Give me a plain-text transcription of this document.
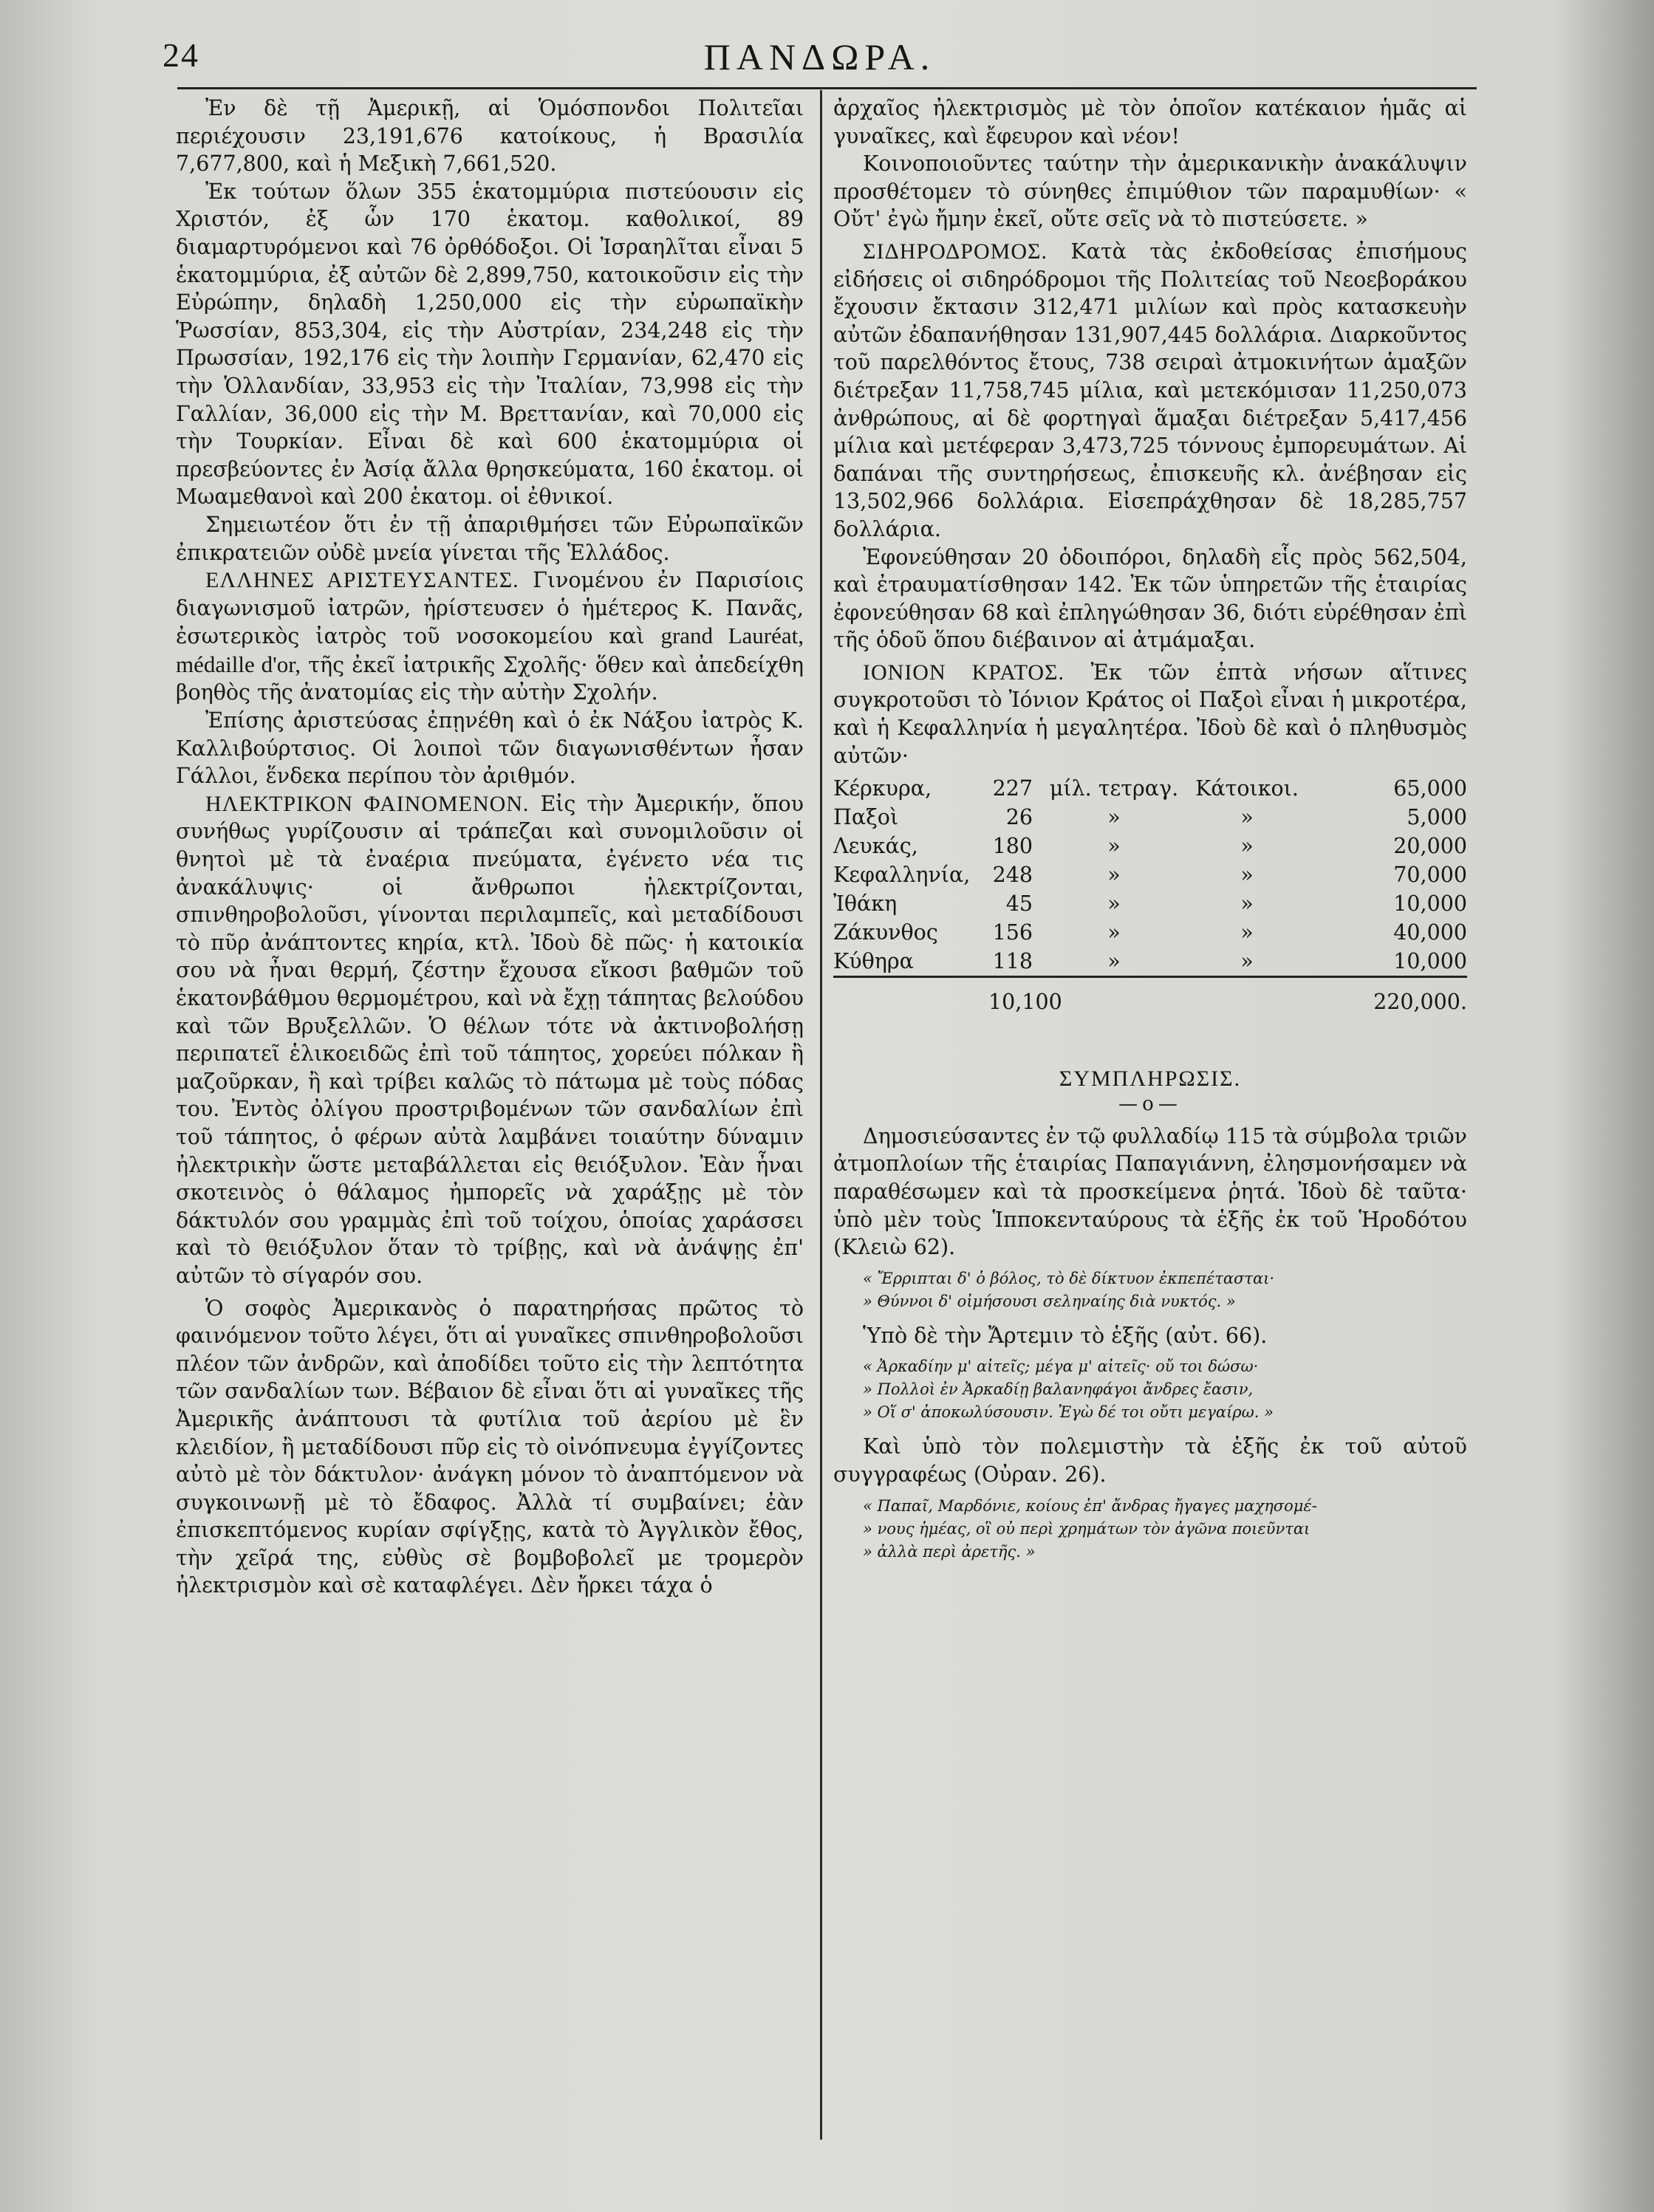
24	ΠΑΝΔΩΡΑ.

Ἐν δὲ τῇ Ἀμερικῇ, αἱ Ὁμόσπονδοι Πολιτεῖαι περιέχουσιν 23,191,676 κατοίκους, ἡ Βρασιλία 7,677,800, καὶ ἡ Μεξικὴ 7,661,520.

Ἐκ τούτων ὅλων 355 ἑκατομμύρια πιστεύουσιν εἰς Χριστόν, ἐξ ὧν 170 ἑκατομ. καθολικοί, 89 διαμαρτυρόμενοι καὶ 76 ὀρθόδοξοι. Οἱ Ἰσραηλῖται εἶναι 5 ἑκατομμύρια, ἐξ αὐτῶν δὲ 2,899,750, κατοικοῦσιν εἰς τὴν Εὐρώπην, δηλαδὴ 1,250,000 εἰς τὴν εὐρωπαϊκὴν Ῥωσσίαν, 853,304, εἰς τὴν Αὐστρίαν, 234,248 εἰς τὴν Πρωσσίαν, 192,176 εἰς τὴν λοιπὴν Γερμανίαν, 62,470 εἰς τὴν Ὁλλανδίαν, 33,953 εἰς τὴν Ἰταλίαν, 73,998 εἰς τὴν Γαλλίαν, 36,000 εἰς τὴν Μ. Βρεττανίαν, καὶ 70,000 εἰς τὴν Τουρκίαν. Εἶναι δὲ καὶ 600 ἑκατομμύρια οἱ πρεσβεύοντες ἐν Ἀσίᾳ ἄλλα θρησκεύματα, 160 ἑκατομ. οἱ Μωαμεθανοὶ καὶ 200 ἑκατομ. οἱ ἐθνικοί.

Σημειωτέον ὅτι ἐν τῇ ἀπαριθμήσει τῶν Εὐρωπαϊκῶν ἐπικρατειῶν οὐδὲ μνεία γίνεται τῆς Ἑλλάδος.

ΕΛΛΗΝΕΣ ΑΡΙΣΤΕΥΣΑΝΤΕΣ. Γινομένου ἐν Παρισίοις διαγωνισμοῦ ἰατρῶν, ἠρίστευσεν ὁ ἡμέτερος Κ. Πανᾶς, ἐσωτερικὸς ἰατρὸς τοῦ νοσοκομείου καὶ grand Lauréat, médaille d'or, τῆς ἐκεῖ ἰατρικῆς Σχολῆς· ὅθεν καὶ ἀπεδείχθη βοηθὸς τῆς ἀνατομίας εἰς τὴν αὐτὴν Σχολήν.

Ἐπίσης ἀριστεύσας ἐπῃνέθη καὶ ὁ ἐκ Νάξου ἰατρὸς Κ. Καλλιβούρτσιος. Οἱ λοιποὶ τῶν διαγωνισθέντων ἦσαν Γάλλοι, ἕνδεκα περίπου τὸν ἀριθμόν.

ΗΛΕΚΤΡΙΚΟΝ ΦΑΙΝΟΜΕΝΟΝ. Εἰς τὴν Ἀμερικήν, ὅπου συνήθως γυρίζουσιν αἱ τράπεζαι καὶ συνομιλοῦσιν οἱ θνητοὶ μὲ τὰ ἐναέρια πνεύματα, ἐγένετο νέα τις ἀνακάλυψις· οἱ ἄνθρωποι ἠλεκτρίζονται, σπινθηροβολοῦσι, γίνονται περιλαμπεῖς, καὶ μεταδίδουσι τὸ πῦρ ἀνάπτοντες κηρία, κτλ. Ἰδοὺ δὲ πῶς· ἡ κατοικία σου νὰ ἦναι θερμή, ζέστην ἔχουσα εἴκοσι βαθμῶν τοῦ ἑκατονβάθμου θερμομέτρου, καὶ νὰ ἔχῃ τάπητας βελούδου καὶ τῶν Βρυξελλῶν. Ὁ θέλων τότε νὰ ἀκτινοβολήσῃ περιπατεῖ ἑλικοειδῶς ἐπὶ τοῦ τάπητος, χορεύει πόλκαν ἢ μαζοῦρκαν, ἢ καὶ τρίβει καλῶς τὸ πάτωμα μὲ τοὺς πόδας του. Ἐντὸς ὀλίγου προστριβομένων τῶν σανδαλίων ἐπὶ τοῦ τάπητος, ὁ φέρων αὐτὰ λαμβάνει τοιαύτην δύναμιν ἠλεκτρικὴν ὥστε μεταβάλλεται εἰς θειόξυλον. Ἐὰν ἦναι σκοτεινὸς ὁ θάλαμος ἠμπορεῖς νὰ χαράξῃς μὲ τὸν δάκτυλόν σου γραμμὰς ἐπὶ τοῦ τοίχου, ὁποίας χαράσσει καὶ τὸ θειόξυλον ὅταν τὸ τρίβῃς, καὶ νὰ ἀνάψῃς ἐπ' αὐτῶν τὸ σίγαρόν σου.

Ὁ σοφὸς Ἀμερικανὸς ὁ παρατηρήσας πρῶτος τὸ φαινόμενον τοῦτο λέγει, ὅτι αἱ γυναῖκες σπινθηροβολοῦσι πλέον τῶν ἀνδρῶν, καὶ ἀποδίδει τοῦτο εἰς τὴν λεπτότητα τῶν σανδαλίων των. Βέβαιον δὲ εἶναι ὅτι αἱ γυναῖκες τῆς Ἀμερικῆς ἀνάπτουσι τὰ φυτίλια τοῦ ἀερίου μὲ ἓν κλειδίον, ἢ μεταδίδουσι πῦρ εἰς τὸ οἰνόπνευμα ἐγγίζοντες αὐτὸ μὲ τὸν δάκτυλον· ἀνάγκη μόνον τὸ ἀναπτόμενον νὰ συγκοινωνῇ μὲ τὸ ἔδαφος. Ἀλλὰ τί συμβαίνει; ἐὰν ἐπισκεπτόμενος κυρίαν σφίγξῃς, κατὰ τὸ Ἀγγλικὸν ἔθος, τὴν χεῖρά της, εὐθὺς σὲ βομβοβολεῖ με τρομερὸν ἠλεκτρισμὸν καὶ σὲ καταφλέγει. Δὲν ἤρκει τάχα ὁ

ἀρχαῖος ἠλεκτρισμὸς μὲ τὸν ὁποῖον κατέκαιον ἡμᾶς αἱ γυναῖκες, καὶ ἔφευρον καὶ νέον!

Κοινοποιοῦντες ταύτην τὴν ἀμερικανικὴν ἀνακάλυψιν προσθέτομεν τὸ σύνηθες ἐπιμύθιον τῶν παραμυθίων· « Οὔτ' ἐγὼ ἤμην ἐκεῖ, οὔτε σεῖς νὰ τὸ πιστεύσετε. »

ΣΙΔΗΡΟΔΡΟΜΟΣ. Κατὰ τὰς ἐκδοθείσας ἐπισήμους εἰδήσεις οἱ σιδηρόδρομοι τῆς Πολιτείας τοῦ Νεοεβοράκου ἔχουσιν ἔκτασιν 312,471 μιλίων καὶ πρὸς κατασκευὴν αὐτῶν ἐδαπανήθησαν 131,907,445 δολλάρια. Διαρκοῦντος τοῦ παρελθόντος ἔτους, 738 σειραὶ ἀτμοκινήτων ἁμαξῶν διέτρεξαν 11,758,745 μίλια, καὶ μετεκόμισαν 11,250,073 ἀνθρώπους, αἱ δὲ φορτηγαὶ ἅμαξαι διέτρεξαν 5,417,456 μίλια καὶ μετέφεραν 3,473,725 τόννους ἐμπορευμάτων. Αἱ δαπάναι τῆς συντηρήσεως, ἐπισκευῆς κλ. ἀνέβησαν εἰς 13,502,966 δολλάρια. Εἰσεπράχθησαν δὲ 18,285,757 δολλάρια.

Ἐφονεύθησαν 20 ὁδοιπόροι, δηλαδὴ εἷς πρὸς 562,504, καὶ ἐτραυματίσθησαν 142. Ἐκ τῶν ὑπηρετῶν τῆς ἑταιρίας ἐφονεύθησαν 68 καὶ ἐπληγώθησαν 36, διότι εὑρέθησαν ἐπὶ τῆς ὁδοῦ ὅπου διέβαινον αἱ ἀτμάμαξαι.

ΙΟΝΙΟΝ ΚΡΑΤΟΣ. Ἐκ τῶν ἑπτὰ νήσων αἵτινες συγκροτοῦσι τὸ Ἰόνιον Κράτος οἱ Παξοὶ εἶναι ἡ μικροτέρα, καὶ ἡ Κεφαλληνία ἡ μεγαλητέρα. Ἰδοὺ δὲ καὶ ὁ πληθυσμὸς αὐτῶν·

Κέρκυρα,	227	μίλ. τετραγ.	Κάτοικοι.	65,000
Παξοὶ	26	»	»	5,000
Λευκάς,	180	»	»	20,000
Κεφαλληνία,	248	»	»	70,000
Ἰθάκη	45	»	»	10,000
Ζάκυνθος	156	»	»	40,000
Κύθηρα	118	»	»	10,000

	10,100			220,000.
ΣΥΜΠΛΗΡΩΣΙΣ.
—o—

Δημοσιεύσαντες ἐν τῷ φυλλαδίῳ 115 τὰ σύμβολα τριῶν ἀτμοπλοίων τῆς ἑταιρίας Παπαγιάννη, ἐλησμονήσαμεν νὰ παραθέσωμεν καὶ τὰ προσκείμενα ῥητά. Ἰδοὺ δὲ ταῦτα· ὑπὸ μὲν τοὺς Ἱπποκενταύρους τὰ ἑξῆς ἐκ τοῦ Ἡροδότου (Κλειὼ 62).

« Ἔρριπται δ' ὁ βόλος, τὸ δὲ δίκτυον ἐκπεπέτασται·
» Θύννοι δ' οἰμήσουσι σεληναίης διὰ νυκτός. »

Ὑπὸ δὲ τὴν Ἄρτεμιν τὸ ἑξῆς (αὐτ. 66).

« Ἀρκαδίην μ' αἰτεῖς; μέγα μ' αἰτεῖς· οὔ τοι δώσω·
» Πολλοὶ ἐν Ἀρκαδίῃ βαλανηφάγοι ἄνδρες ἔασιν,
» Οἵ σ' ἀποκωλύσουσιν. Ἐγὼ δέ τοι οὔτι μεγαίρω. »

Καὶ ὑπὸ τὸν πολεμιστὴν τὰ ἑξῆς ἐκ τοῦ αὐτοῦ συγγραφέως (Οὐραν. 26).

« Παπαῖ, Μαρδόνιε, κοίους ἐπ' ἄνδρας ἤγαγες μαχησομέ-
» νους ἡμέας, οἳ οὐ περὶ χρημάτων τὸν ἀγῶνα ποιεῦνται
» ἀλλὰ περὶ ἀρετῆς. »
